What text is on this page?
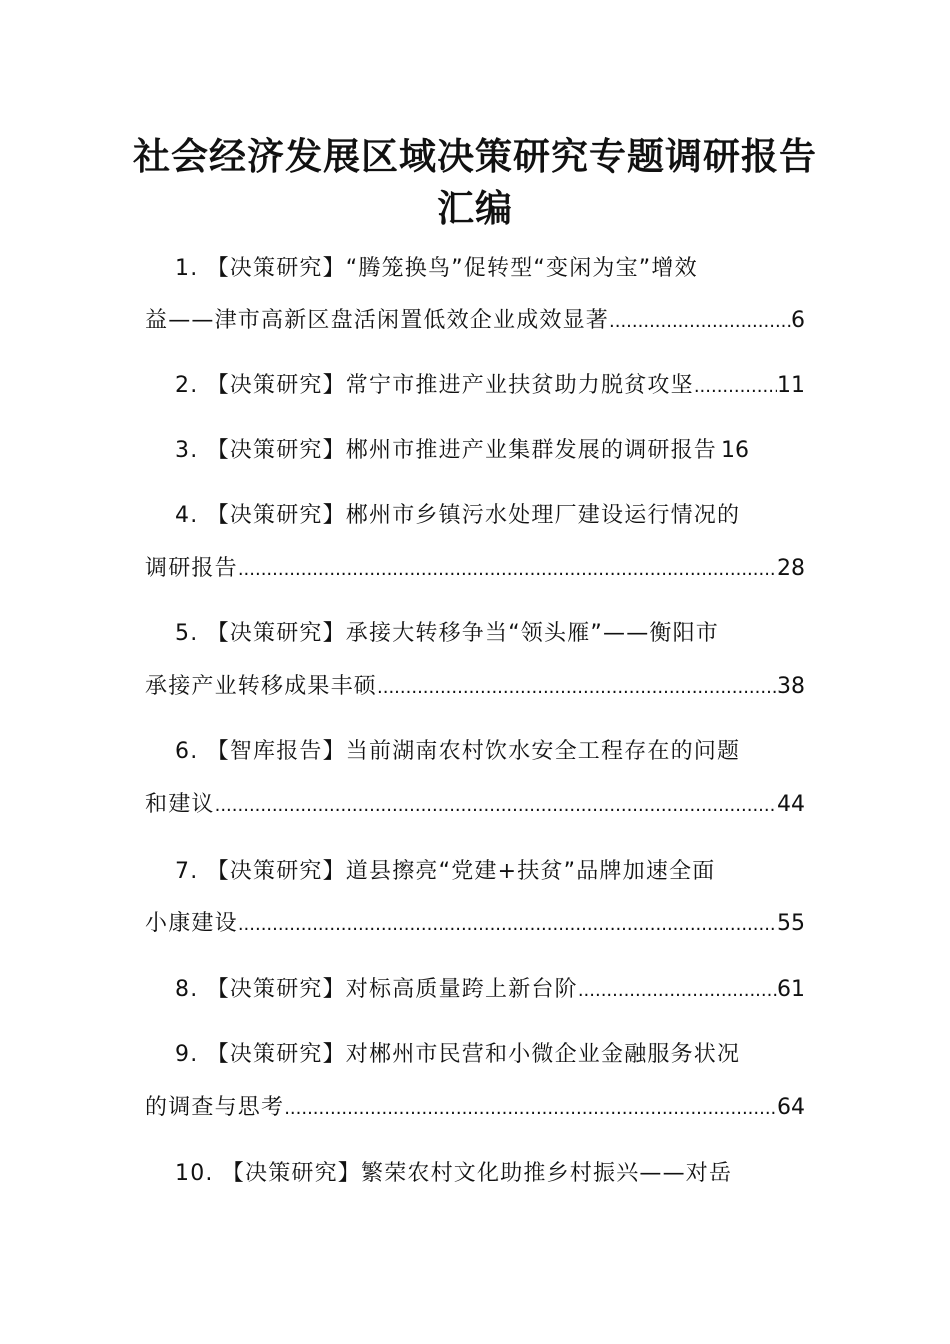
社会经济发展区域决策研究专题调研报告
汇编
1. 【决策研究】“腾笼换鸟”促转型“变闲为宝”增效
益——津市高新区盘活闲置低效企业成效显著 .....	6
2. 【决策研究】常宁市推进产业扶贫助力脱贫攻坚 .....	11
3. 【决策研究】郴州市推进产业集群发展的调研报告 16
4. 【决策研究】郴州市乡镇污水处理厂建设运行情况的
调研报告 .....	28
5. 【决策研究】承接大转移争当“领头雁”——衡阳市
承接产业转移成果丰硕 .....	38
6. 【智库报告】当前湖南农村饮水安全工程存在的问题
和建议 .....	44
7. 【决策研究】道县擦亮“党建+扶贫”品牌加速全面
小康建设 .....	55
8. 【决策研究】对标高质量跨上新台阶 .....	61
9. 【决策研究】对郴州市民营和小微企业金融服务状况
的调查与思考 .....	64
10. 【决策研究】繁荣农村文化助推乡村振兴——对岳
